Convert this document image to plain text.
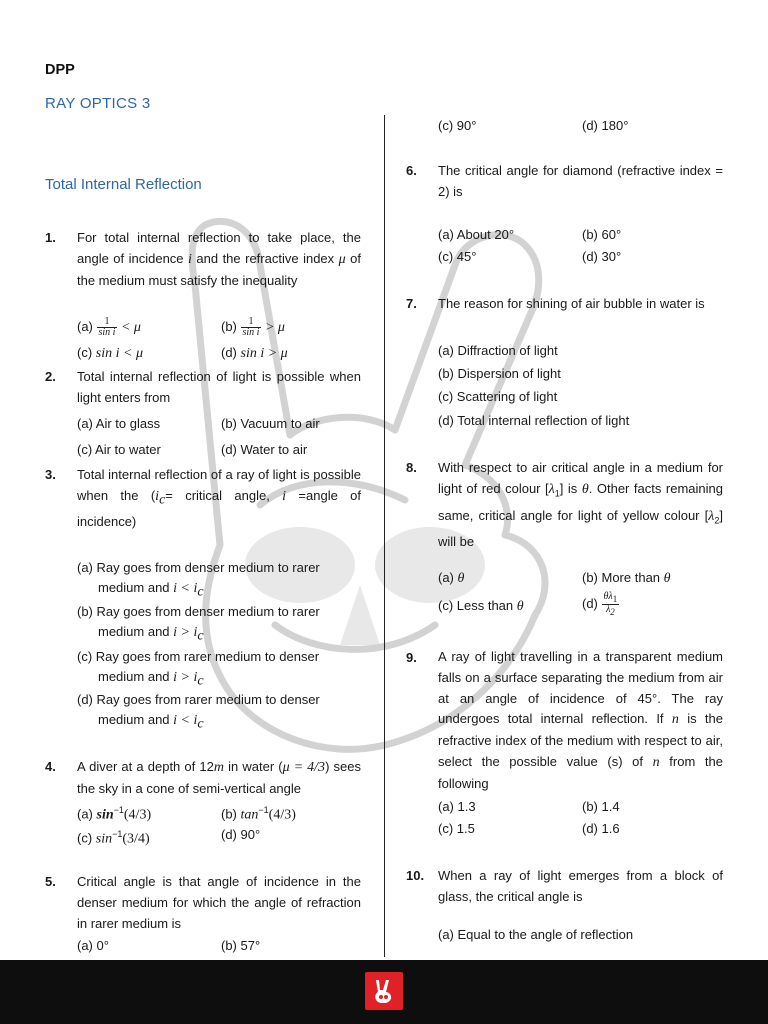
DPP
RAY OPTICS 3
Total Internal Reflection
1. For total internal reflection to take place, the angle of incidence i and the refractive index μ of the medium must satisfy the inequality
$(a) \frac{1}{\text{sin i}} < \mu$	$(b) \frac{1}{\text{sin i}} > \mu$
(c) sin i < μ	(d) sin i > μ
2. Total internal reflection of light is possible when light enters from
(a) Air to glass	(b) Vacuum to air
(c) Air to water	(d) Water to air
3. Total internal reflection of a ray of light is possible when the ($i_c=$ critical angle, i =angle of incidence)
(a) Ray goes from denser medium to rarer
medium and $i < i_c$
(b) Ray goes from denser medium to rarer
medium and $i > i_c$
(c) Ray goes from rarer medium to denser
medium and $i > i_c$
(d) Ray goes from rarer medium to denser
medium and $i < i_c$
4. A diver at a depth of 12m in water (μ = 4/3) sees the sky in a cone of semi-vertical angle
(a) $\sin^{-1}(4/3)$	(b) $\tan^{-1}(4/3)$
(c) $\sin^{-1}(3/4)$	(d) 90°
5. Critical angle is that angle of incidence in the denser medium for which the angle of refraction in rarer medium is
(a) 0°	(b) 57°
(c) 90°	(d) 180°
6. The critical angle for diamond (refractive index = 2) is
(a) About 20°	(b) 60°
(c) 45°	(d) 30°
7. The reason for shining of air bubble in water is
(a) Diffraction of light
(b) Dispersion of light
(c) Scattering of light
(d) Total internal reflection of light
8. With respect to air critical angle in a medium for light of red colour $[\lambda_1]$ is θ. Other facts remaining same, critical angle for light of yellow colour $[\lambda_2]$ will be
(a) θ	(b) More than θ
(c) Less than θ	$(d) \frac{\theta\lambda_1}{\lambda_2}$
9. A ray of light travelling in a transparent medium falls on a surface separating the medium from air at an angle of incidence of 45°. The ray undergoes total internal reflection. If n is the refractive index of the medium with respect to air, select the possible value (s) of n from the following
(a) 1.3	(b) 1.4
(c) 1.5	(d) 1.6
10. When a ray of light emerges from a block of glass, the critical angle is
(a) Equal to the angle of reflection
